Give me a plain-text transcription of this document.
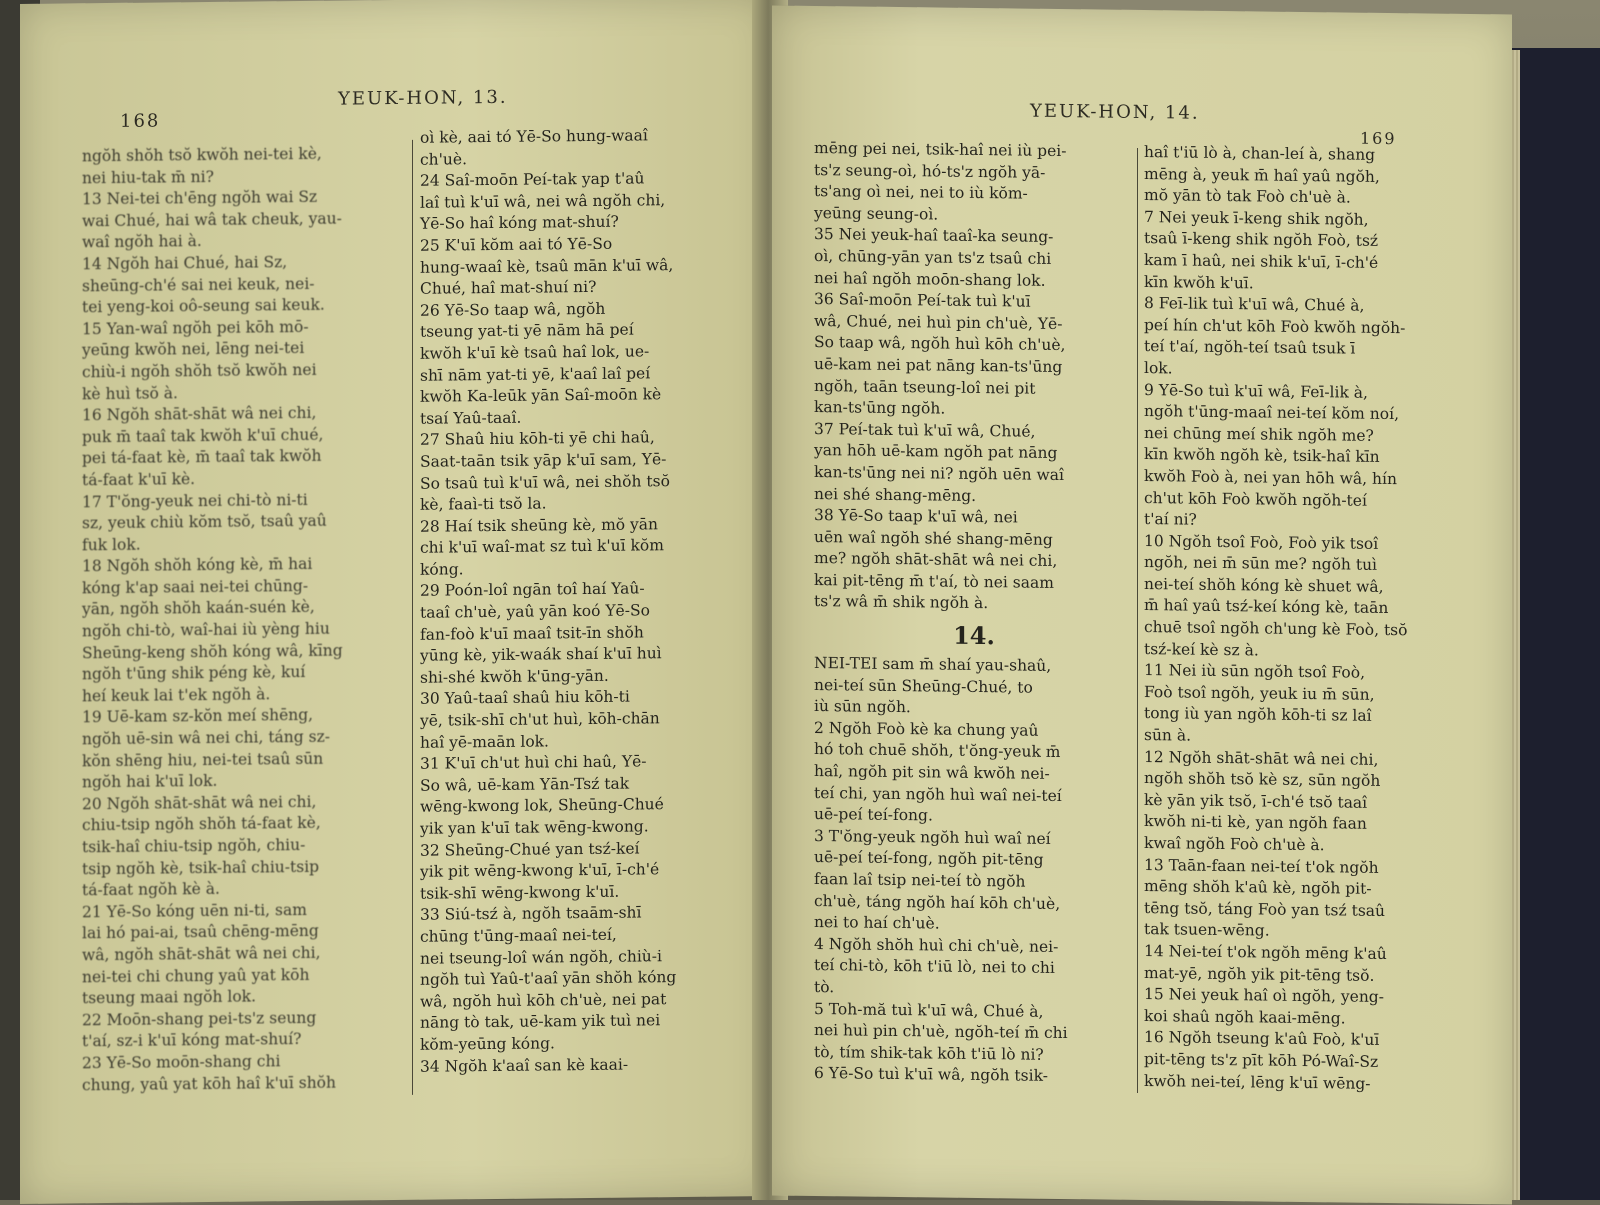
168
YEUK-HON, 13.
ngŏh shŏh tsŏ kwŏh nei-tei kè,
nei hiu-tak m̄ ni?
13 Nei-tei ch'ēng ngŏh wai Sz
wai Chué, hai wâ tak cheuk, yau-
waî ngŏh hai à.
14 Ngŏh hai Chué, hai Sz,
sheūng-ch'é sai nei keuk, nei-
tei yeng-koi oô-seung sai keuk.
15 Yan-waî ngŏh pei kōh mō-
yeūng kwŏh nei, lēng nei-tei
chiù-i ngŏh shŏh tsŏ kwŏh nei
kè huì tsŏ à.
16 Ngŏh shāt-shāt wâ nei chi,
puk m̄ taaî tak kwŏh k'uī chué,
pei tá-faat kè, m̄ taaî tak kwŏh
tá-faat k'uī kè.
17 T'ŏng-yeuk nei chi-tò ni-ti
sz, yeuk chiù kŏm tsŏ, tsaû yaû
fuk lok.
18 Ngŏh shŏh kóng kè, m̄ hai
kóng k'ap saai nei-tei chūng-
yān, ngŏh shŏh kaán-suén kè,
ngŏh chi-tò, waî-hai iù yèng hiu
Sheūng-keng shŏh kóng wâ, kīng
ngŏh t'ūng shik péng kè, kuí
heí keuk lai t'ek ngŏh à.
19 Uē-kam sz-kŏn meí shēng,
ngŏh uē-sin wâ nei chi, táng sz-
kŏn shēng hiu, nei-tei tsaû sūn
ngŏh hai k'uī lok.
20 Ngŏh shāt-shāt wâ nei chi,
chiu-tsip ngŏh shŏh tá-faat kè,
tsik-haî chiu-tsip ngŏh, chiu-
tsip ngŏh kè, tsik-haî chiu-tsip
tá-faat ngŏh kè à.
21 Yē-So kóng uēn ni-ti, sam
lai hó pai-ai, tsaû chēng-mēng
wâ, ngŏh shāt-shāt wâ nei chi,
nei-tei chi chung yaû yat kōh
tseung maai ngŏh lok.
22 Moōn-shang pei-ts'z seung
t'aí, sz-i k'uī kóng mat-shuí?
23 Yē-So moōn-shang chi
chung, yaû yat kōh haî k'uī shŏh
oì kè, aai tó Yē-So hung-waaî
ch'uè.
24 Saî-moōn Peí-tak yap t'aû
laî tuì k'uī wâ, nei wâ ngŏh chi,
Yē-So haî kóng mat-shuí?
25 K'uī kŏm aai tó Yē-So
hung-waaî kè, tsaû mān k'uī wâ,
Chué, haî mat-shuí ni?
26 Yē-So taap wâ, ngŏh
tseung yat-ti yē nām hā peí
kwŏh k'uī kè tsaû haî lok, ue-
shī nām yat-ti yē, k'aaî laî peí
kwŏh Ka-leūk yān Saî-moōn kè
tsaí Yaû-taaî.
27 Shaû hiu kōh-ti yē chi haû,
Saat-taān tsik yāp k'uī sam, Yē-
So tsaû tuì k'uī wâ, nei shŏh tsŏ
kè, faaì-ti tsŏ la.
28 Haí tsik sheūng kè, mŏ yān
chi k'uī waî-mat sz tuì k'uī kŏm
kóng.
29 Poón-loî ngān toî haí Yaû-
taaî ch'uè, yaû yān koó Yē-So
fan-foò k'uī maaî tsit-īn shŏh
yūng kè, yik-waák shaí k'uī huì
shi-shé kwŏh k'ūng-yān.
30 Yaû-taaî shaû hiu kōh-ti
yē, tsik-shī ch'ut huì, kōh-chān
haî yē-maān lok.
31 K'uī ch'ut huì chi haû, Yē-
So wâ, uē-kam Yān-Tsź tak
wēng-kwong lok, Sheūng-Chué
yik yan k'uī tak wēng-kwong.
32 Sheūng-Chué yan tsź-keí
yik pit wēng-kwong k'uī, ī-ch'é
tsik-shī wēng-kwong k'uī.
33 Siú-tsź à, ngŏh tsaām-shī
chūng t'ūng-maaî nei-teí,
nei tseung-loî wán ngŏh, chiù-i
ngŏh tuì Yaû-t'aaî yān shŏh kóng
wâ, ngŏh huì kōh ch'uè, nei pat
nāng tò tak, uē-kam yik tuì nei
kŏm-yeūng kóng.
34 Ngŏh k'aaî san kè kaai-
YEUK-HON, 14.
169
mēng pei nei, tsik-haî nei iù pei-
ts'z seung-oì, hó-ts'z ngŏh yā-
ts'ang oì nei, nei to iù kŏm-
yeūng seung-oì.
35 Nei yeuk-haî taaî-ka seung-
oì, chūng-yān yan ts'z tsaû chi
nei haî ngŏh moōn-shang lok.
36 Saî-moōn Peí-tak tuì k'uī
wâ, Chué, nei huì pin ch'uè, Yē-
So taap wâ, ngŏh huì kōh ch'uè,
uē-kam nei pat nāng kan-ts'ūng
ngŏh, taān tseung-loî nei pit
kan-ts'ūng ngŏh.
37 Peí-tak tuì k'uī wâ, Chué,
yan hōh uē-kam ngŏh pat nāng
kan-ts'ūng nei ni? ngŏh uēn waî
nei shé shang-mēng.
38 Yē-So taap k'uī wâ, nei
uēn waî ngŏh shé shang-mēng
me? ngŏh shāt-shāt wâ nei chi,
kai pit-tēng m̄ t'aí, tò nei saam
ts'z wâ m̄ shik ngŏh à.
14.
NEI-TEI sam m̄ shaí yau-shaû,
nei-teí sūn Sheūng-Chué, to
iù sūn ngŏh.
2 Ngŏh Foò kè ka chung yaû
hó toh chuē shŏh, t'ŏng-yeuk m̄
haî, ngŏh pit sin wâ kwŏh nei-
teí chi, yan ngŏh huì waî nei-teí
uē-peí teí-fong.
3 T'ŏng-yeuk ngŏh huì waî neí
uē-peí teí-fong, ngŏh pit-tēng
faan laî tsip nei-teí tò ngŏh
ch'uè, táng ngŏh haí kōh ch'uè,
nei to haí ch'uè.
4 Ngŏh shŏh huì chi ch'uè, nei-
teí chi-tò, kōh t'iū lò, nei to chi
tò.
5 Toh-mă tuì k'uī wâ, Chué à,
nei huì pin ch'uè, ngŏh-teí m̄ chi
tò, tím shik-tak kōh t'iū lò ni?
6 Yē-So tuì k'uī wâ, ngŏh tsik-
haî t'iū lò à, chan-leí à, shang
mēng à, yeuk m̄ haî yaû ngŏh,
mŏ yān tò tak Foò ch'uè à.
7 Nei yeuk ī-keng shik ngŏh,
tsaû ī-keng shik ngŏh Foò, tsź
kam ī haû, nei shik k'uī, ī-ch'é
kīn kwŏh k'uī.
8 Feī-lik tuì k'uī wâ, Chué à,
peí hín ch'ut kōh Foò kwŏh ngŏh-
teí t'aí, ngŏh-teí tsaû tsuk ī
lok.
9 Yē-So tuì k'uī wâ, Feī-lik à,
ngŏh t'ūng-maaî nei-teí kŏm noí,
nei chūng meí shik ngŏh me?
kīn kwŏh ngŏh kè, tsik-haî kīn
kwŏh Foò à, nei yan hōh wâ, hín
ch'ut kōh Foò kwŏh ngŏh-teí
t'aí ni?
10 Ngŏh tsoî Foò, Foò yik tsoî
ngŏh, nei m̄ sūn me? ngŏh tuì
nei-teí shŏh kóng kè shuet wâ,
m̄ haî yaû tsź-keí kóng kè, taān
chuē tsoî ngŏh ch'ung kè Foò, tsŏ
tsź-keí kè sz à.
11 Nei iù sūn ngŏh tsoî Foò,
Foò tsoî ngŏh, yeuk iu m̄ sūn,
tong iù yan ngŏh kōh-ti sz laî
sūn à.
12 Ngŏh shāt-shāt wâ nei chi,
ngŏh shŏh tsŏ kè sz, sūn ngŏh
kè yān yik tsŏ, ī-ch'é tsŏ taaî
kwŏh ni-ti kè, yan ngŏh faan
kwaî ngŏh Foò ch'uè à.
13 Taān-faan nei-teí t'ok ngŏh
mēng shŏh k'aû kè, ngŏh pit-
tēng tsŏ, táng Foò yan tsź tsaû
tak tsuen-wēng.
14 Nei-teí t'ok ngŏh mēng k'aû
mat-yē, ngŏh yik pit-tēng tsŏ.
15 Nei yeuk haî oì ngŏh, yeng-
koi shaû ngŏh kaai-mēng.
16 Ngŏh tseung k'aû Foò, k'uī
pit-tēng ts'z pīt kōh Pó-Waî-Sz
kwŏh nei-teí, lēng k'uī wēng-
